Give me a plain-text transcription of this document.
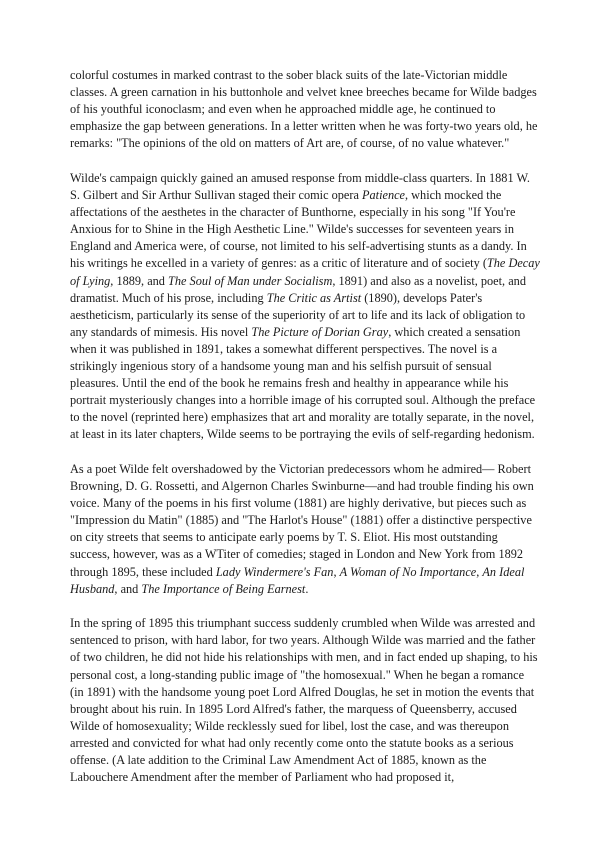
colorful costumes in marked contrast to the sober black suits of the late-Victorian middle classes. A green carnation in his buttonhole and velvet knee breeches became for Wilde badges of his youthful iconoclasm; and even when he approached middle age, he continued to emphasize the gap between generations. In a letter written when he was forty-two years old, he remarks: "The opinions of the old on matters of Art are, of course, of no value whatever."

Wilde's campaign quickly gained an amused response from middle-class quarters. In 1881 W. S. Gilbert and Sir Arthur Sullivan staged their comic opera Patience, which mocked the affectations of the aesthetes in the character of Bunthorne, especially in his song "If You're Anxious for to Shine in the High Aesthetic Line." Wilde's successes for seventeen years in England and America were, of course, not limited to his self-advertising stunts as a dandy. In his writings he excelled in a variety of genres: as a critic of literature and of society (The Decay of Lying, 1889, and The Soul of Man under Socialism, 1891) and also as a novelist, poet, and dramatist. Much of his prose, including The Critic as Artist (1890), develops Pater's aestheticism, particularly its sense of the superiority of art to life and its lack of obligation to any standards of mimesis. His novel The Picture of Dorian Gray, which created a sensation when it was published in 1891, takes a somewhat different perspectives. The novel is a strikingly ingenious story of a handsome young man and his selfish pursuit of sensual pleasures. Until the end of the book he remains fresh and healthy in appearance while his portrait mysteriously changes into a horrible image of his corrupted soul. Although the preface to the novel (reprinted here) emphasizes that art and morality are totally separate, in the novel, at least in its later chapters, Wilde seems to be portraying the evils of self-regarding hedonism.

As a poet Wilde felt overshadowed by the Victorian predecessors whom he admired— Robert Browning, D. G. Rossetti, and Algernon Charles Swinburne—and had trouble finding his own voice. Many of the poems in his first volume (1881) are highly derivative, but pieces such as "Impression du Matin" (1885) and "The Harlot's House" (1881) offer a distinctive perspective on city streets that seems to anticipate early poems by T. S. Eliot. His most outstanding success, however, was as a WTiter of comedies; staged in London and New York from 1892 through 1895, these included Lady Windermere's Fan, A Woman of No Importance, An Ideal Husband, and The Importance of Being Earnest.

In the spring of 1895 this triumphant success suddenly crumbled when Wilde was arrested and sentenced to prison, with hard labor, for two years. Although Wilde was married and the father of two children, he did not hide his relationships with men, and in fact ended up shaping, to his personal cost, a long-standing public image of "the homosexual." When he began a romance (in 1891) with the handsome young poet Lord Alfred Douglas, he set in motion the events that brought about his ruin. In 1895 Lord Alfred's father, the marquess of Queensberry, accused Wilde of homosexuality; Wilde recklessly sued for libel, lost the case, and was thereupon arrested and convicted for what had only recently come onto the statute books as a serious offense. (A late addition to the Criminal Law Amendment Act of 1885, known as the Labouchere Amendment after the member of Parliament who had proposed it,
